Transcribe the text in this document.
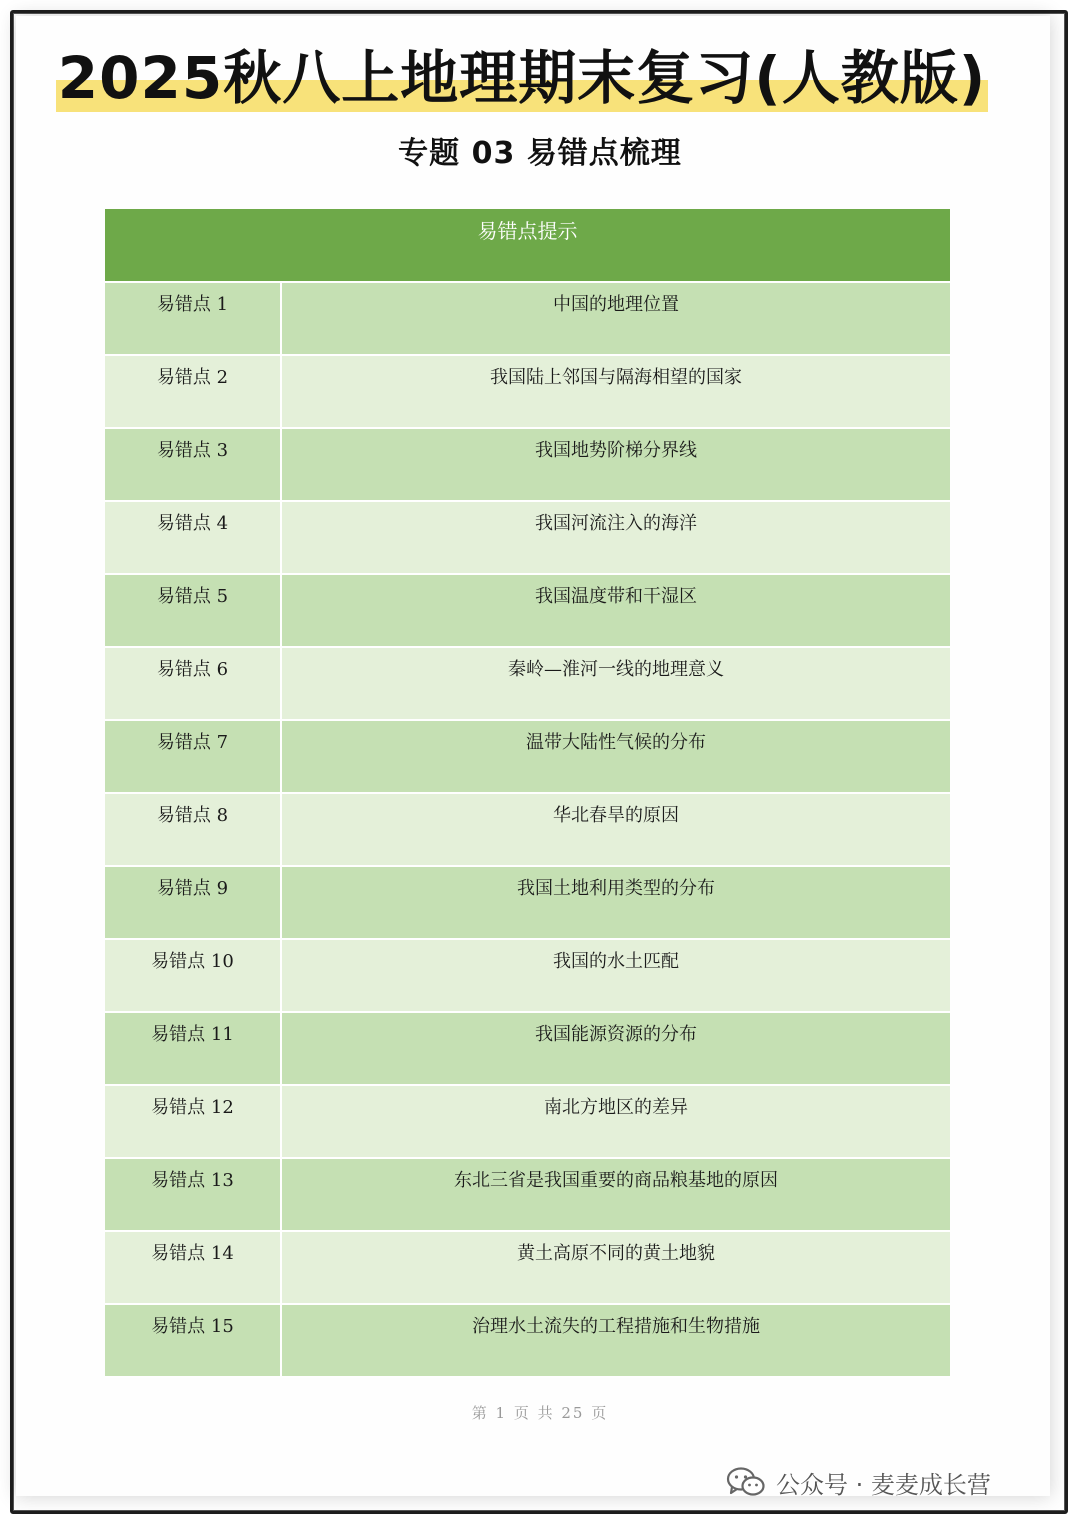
2025秋八上地理期末复习(人教版)
专题 03 易错点梳理
易错点提示
易错点 1	中国的地理位置
易错点 2	我国陆上邻国与隔海相望的国家
易错点 3	我国地势阶梯分界线
易错点 4	我国河流注入的海洋
易错点 5	我国温度带和干湿区
易错点 6	秦岭—淮河一线的地理意义
易错点 7	温带大陆性气候的分布
易错点 8	华北春旱的原因
易错点 9	我国土地利用类型的分布
易错点 10	我国的水土匹配
易错点 11	我国能源资源的分布
易错点 12	南北方地区的差异
易错点 13	东北三省是我国重要的商品粮基地的原因
易错点 14	黄土高原不同的黄土地貌
易错点 15	治理水土流失的工程措施和生物措施
第 1 页 共 25 页
公众号 · 麦麦成长营
